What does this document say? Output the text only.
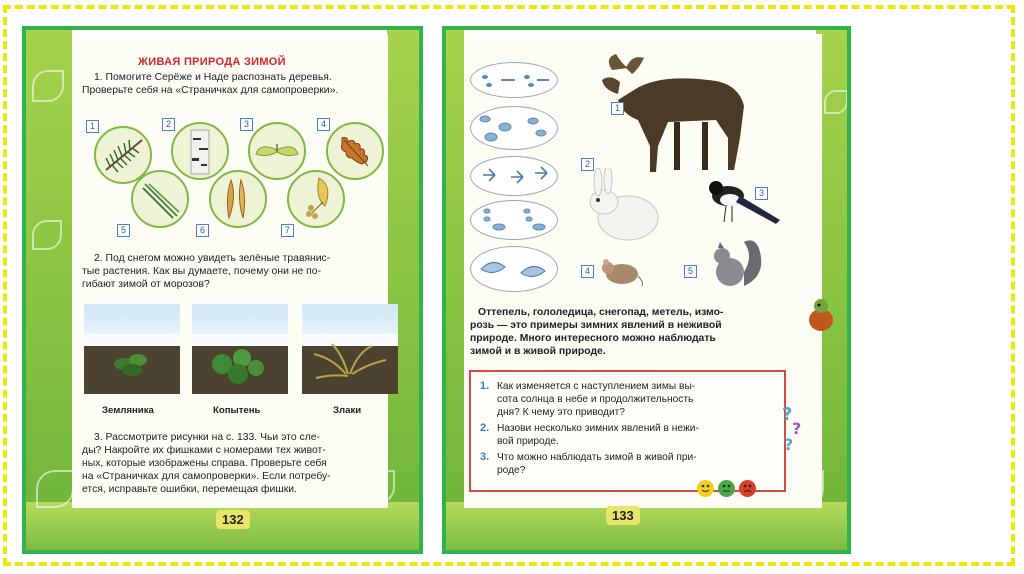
ЖИВАЯ ПРИРОДА ЗИМОЙ
1. Помогите Серёже и Наде распознать деревья.
Проверьте себя на «Страничках для самопроверки».
1	2	3	4
5	6	7
2. Под снегом можно увидеть зелёные травянис-
тые растения. Как вы думаете, почему они не по-
гибают зимой от морозов?
Земляника	Копытень	Злаки
3. Рассмотрите рисунки на с. 133. Чьи это сле-
ды? Накройте их фишками с номерами тех живот-
ных, которые изображены справа. Проверьте себя
на «Страничках для самопроверки». Если потребу-
ется, исправьте ошибки, перемещая фишки.
132
1
2
3
4	5
Оттепель, гололедица, снегопад, метель, измо-
розь — это примеры зимних явлений в неживой
природе. Много интересного можно наблюдать
зимой и в живой природе.
1. Как изменяется с наступлением зимы вы-
сота солнца в небе и продолжительность
дня? К чему это приводит?
2. Назови несколько зимних явлений в нежи-
вой природе.
3. Что можно наблюдать зимой в живой при-
роде?
?
?
?
133
